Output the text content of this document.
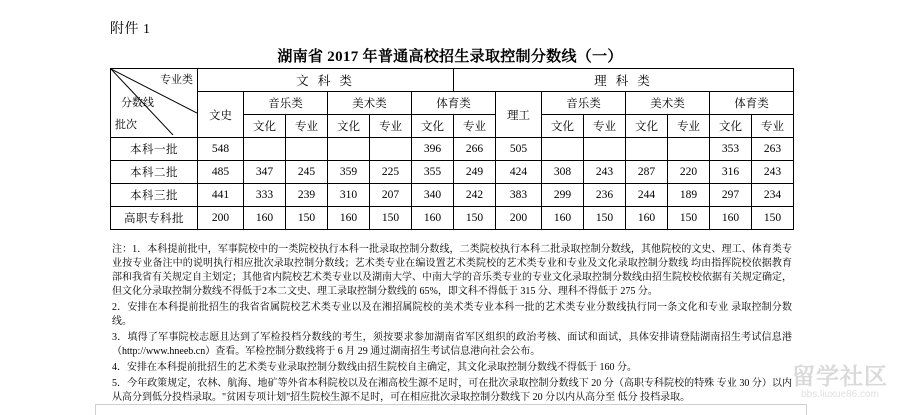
附件 1
湖南省 2017 年普通高校招生录取控制分数线（一）
专业类
分数线
批次	文 科 类						理 科 类							
	文史	音乐类		美术类		体育类		理工	音乐类		美术类		体育类	
		文化	专业	文化	专业	文化	专业		文化	专业	文化	专业	文化	专业
本科一批	548					396	266	505					353	263
本科二批	485	347	245	359	225	355	249	424	308	243	287	220	316	243
本科三批	441	333	239	310	207	340	242	383	299	236	244	189	297	234
高职专科批	200	160	150	160	150	160	150	200	160	150	160	150	160	150

注：1．本科提前批中，军事院校中的一类院校执行本科一批录取控制分数线，二类院校执行本科二批录取控制分数线，其他院校的文史、理工、体育类专业按专业备注中的说明执行相应批次录取控制分数线；艺术类专业在编设置艺术类院校的艺术类专业和专业及文化录取控制分数线 均由指挥院校依据教育部和我省有关规定自主划定；其他省内院校艺术类专业以及湖南大学、中南大学的音乐类专业的专业文化录取控制分数线由招生院校校依据有关规定确定，但文化分录取控制分数线不得低于2本二文史、理工录取控制分数线的 65%，即文科不得低于 315 分、理科不得低于 275 分。

2．安排在本科提前批招生的我省省属院校艺术类专业以及在湘招属院校的美术类专业本科一批的艺术类专业分数线执行同一条文化和专业 录取控制分数线。

3．填得了军事院校志愿且达到了军检投档分数线的考生，须按要求参加湖南省军区组织的政治考核、面试和面试，具体安排请登陆湖南招生考试信息港（http://www.hneeb.cn）查看。军检控制分数线将于 6 月 29 通过湖南招生考试信息港向社会公布。

4．安排在本科提前批招生的艺术类专业录取控制分数线由招生院校自主确定，其文化录取控制分数线不得低于 160 分。

5．今年政策规定，农林、航海、地矿等外省本科院校以及在湘高校生源不足时，可在批次录取控制分数线下 20 分（高职专科院校的特殊 专业 30 分）以内从高分到低分投档录取。"贫困专项计划"招生院校生源不足时，可在相应批次录取控制分数线下 20 分以内从高分至 低分 投档录取。

留学社区
bbs.liuxue86.com
